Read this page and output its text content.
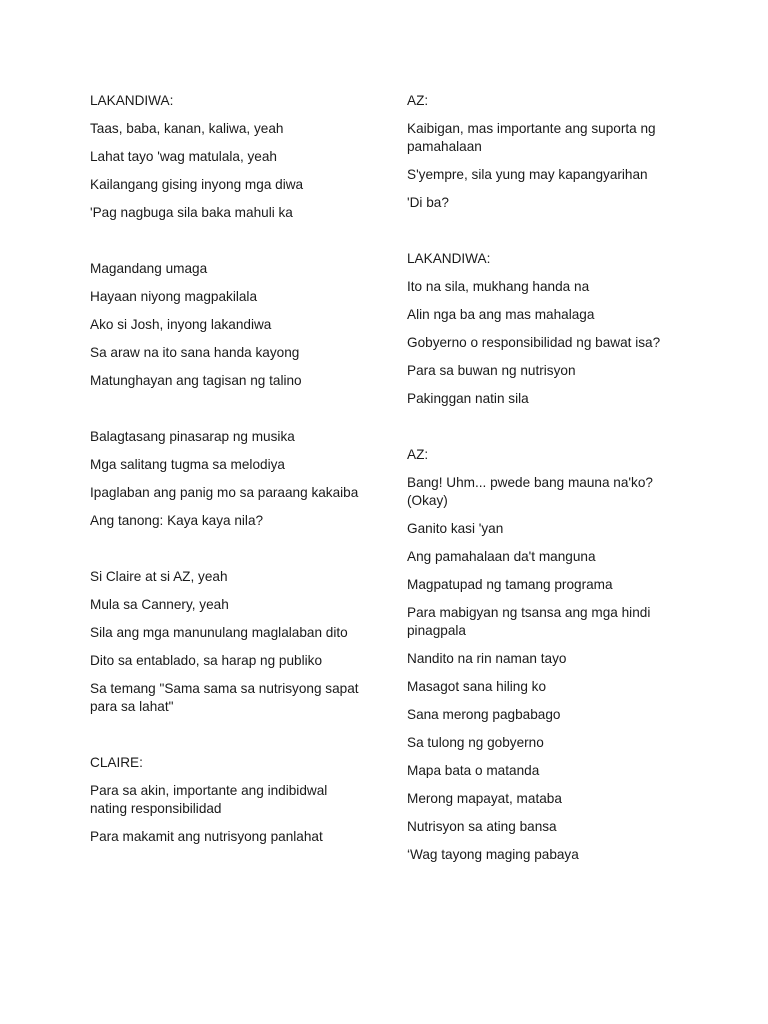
LAKANDIWA:
Taas, baba, kanan, kaliwa, yeah
Lahat tayo 'wag matulala, yeah
Kailangang gising inyong mga diwa
'Pag nagbuga sila baka mahuli ka
Magandang umaga
Hayaan niyong magpakilala
Ako si Josh, inyong lakandiwa
Sa araw na ito sana handa kayong
Matunghayan ang tagisan ng talino
Balagtasang pinasarap ng musika
Mga salitang tugma sa melodiya
Ipaglaban ang panig mo sa paraang kakaiba
Ang tanong: Kaya kaya nila?
Si Claire at si AZ, yeah
Mula sa Cannery, yeah
Sila ang mga manunulang maglalaban dito
Dito sa entablado, sa harap ng publiko
Sa temang "Sama sama sa nutrisyong sapat para sa lahat"
CLAIRE:
Para sa akin, importante ang indibidwal nating responsibilidad
Para makamit ang nutrisyong panlahat
AZ:
Kaibigan, mas importante ang suporta ng pamahalaan
S'yempre, sila yung may kapangyarihan
'Di ba?
LAKANDIWA:
Ito na sila, mukhang handa na
Alin nga ba ang mas mahalaga
Gobyerno o responsibilidad ng bawat isa?
Para sa buwan ng nutrisyon
Pakinggan natin sila
AZ:
Bang! Uhm... pwede bang mauna na'ko? (Okay)
Ganito kasi 'yan
Ang pamahalaan da't manguna
Magpatupad ng tamang programa
Para mabigyan ng tsansa ang mga hindi pinagpala
Nandito na rin naman tayo
Masagot sana hiling ko
Sana merong pagbabago
Sa tulong ng gobyerno
Mapa bata o matanda
Merong mapayat, mataba
Nutrisyon sa ating bansa
‘Wag tayong maging pabaya
